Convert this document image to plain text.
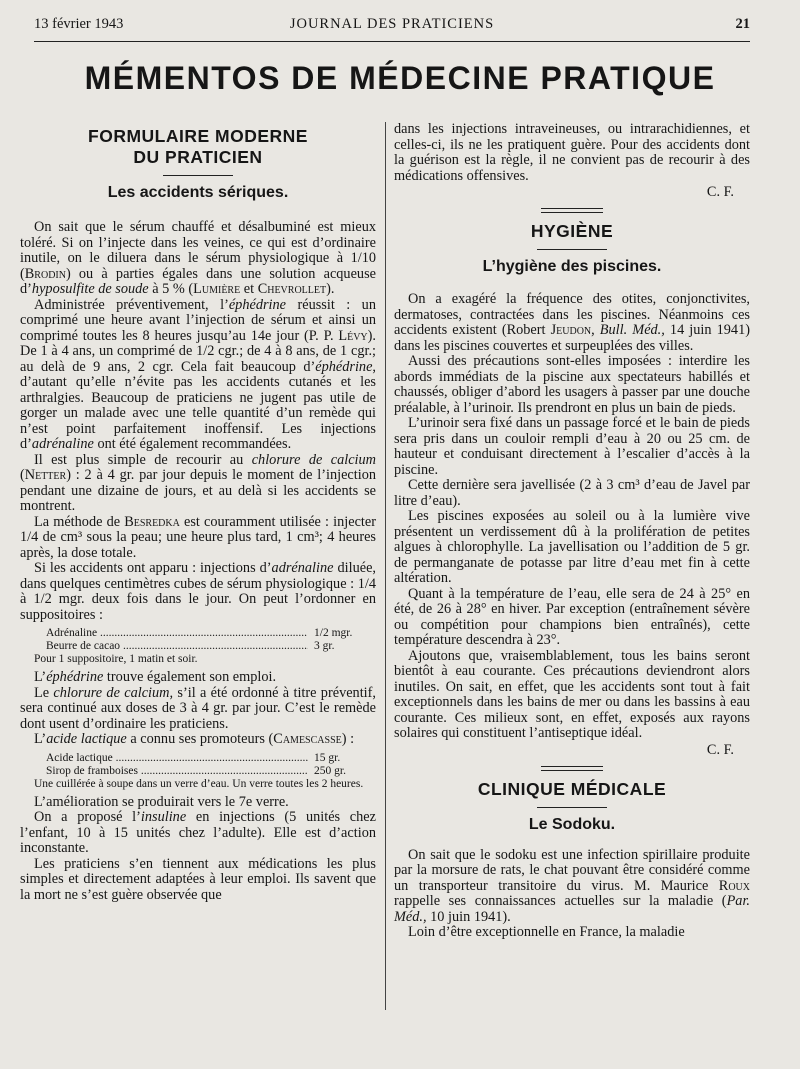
13 février 1943	JOURNAL DES PRATICIENS	21
MÉMENTOS DE MÉDECINE PRATIQUE
FORMULAIRE MODERNE
DU PRATICIEN
Les accidents sériques.

On sait que le sérum chauffé et désalbuminé est mieux toléré. Si on l’injecte dans les veines, ce qui est d’ordinaire inutile, on le diluera dans le sérum physiologique à 1/10 (Brodin) ou à parties égales dans une solution acqueuse d’hyposulfite de soude à 5 % (Lumière et Chevrollet).

Administrée préventivement, l’éphédrine réussit : un comprimé une heure avant l’injection de sérum et ainsi un comprimé toutes les 8 heures jusqu’au 14e jour (P. P. Lévy). De 1 à 4 ans, un comprimé de 1/2 cgr.; de 4 à 8 ans, de 1 cgr.; au delà de 9 ans, 2 cgr. Cela fait beaucoup d’éphédrine, d’autant qu’elle n’évite pas les accidents cutanés et les arthralgies. Beaucoup de praticiens ne jugent pas utile de gorger un malade avec une telle quantité d’un remède qui n’est point parfaitement inoffensif. Les injections d’adrénaline ont été également recommandées.

Il est plus simple de recourir au chlorure de calcium (Netter) : 2 à 4 gr. par jour depuis le moment de l’injection pendant une dizaine de jours, et au delà si les accidents se montrent.

La méthode de Besredka est couramment utilisée : injecter 1/4 de cm³ sous la peau; une heure plus tard, 1 cm³; 4 heures après, la dose totale.

Si les accidents ont apparu : injections d’adrénaline diluée, dans quelques centimètres cubes de sérum physiologique : 1/4 à 1/2 mgr. deux fois dans le jour. On peut l’ordonner en suppositoires :

Adrénaline .....	1/2 mgr.
Beurre de cacao .....	3 gr.
Pour 1 suppositoire, 1 matin et soir.

L’éphédrine trouve également son emploi.

Le chlorure de calcium, s’il a été ordonné à titre préventif, sera continué aux doses de 3 à 4 gr. par jour. C’est le remède dont usent d’ordinaire les praticiens.

L’acide lactique a connu ses promoteurs (Camescasse) :

Acide lactique .....	15 gr.
Sirop de framboises .....	250 gr.
Une cuillérée à soupe dans un verre d’eau. Un verre toutes les 2 heures.

L’amélioration se produirait vers le 7e verre.

On a proposé l’insuline en injections (5 unités chez l’enfant, 10 à 15 unités chez l’adulte). Elle est d’action inconstante.

Les praticiens s’en tiennent aux médications les plus simples et directement adaptées à leur emploi. Ils savent que la mort ne s’est guère observée que

dans les injections intraveineuses, ou intrarachidiennes, et celles-ci, ils ne les pratiquent guère. Pour des accidents dont la guérison est la règle, il ne convient pas de recourir à des médications offensives.

C. F.
HYGIÈNE
L’hygiène des piscines.

On a exagéré la fréquence des otites, conjonctivites, dermatoses, contractées dans les piscines. Néanmoins ces accidents existent (Robert Jeudon, Bull. Méd., 14 juin 1941) dans les piscines couvertes et surpeuplées des villes.

Aussi des précautions sont-elles imposées : interdire les abords immédiats de la piscine aux spectateurs habillés et chaussés, obliger d’abord les usagers à passer par une douche préalable, à l’urinoir. Ils prendront en plus un bain de pieds.

L’urinoir sera fixé dans un passage forcé et le bain de pieds sera pris dans un couloir rempli d’eau à 20 ou 25 cm. de hauteur et conduisant directement à l’escalier d’accès à la piscine.

Cette dernière sera javellisée (2 à 3 cm³ d’eau de Javel par litre d’eau).

Les piscines exposées au soleil ou à la lumière vive présentent un verdissement dû à la prolifération de petites algues à chlorophylle. La javellisation ou l’addition de 5 gr. de permanganate de potasse par litre d’eau met fin à cette altération.

Quant à la température de l’eau, elle sera de 24 à 25° en été, de 26 à 28° en hiver. Par exception (entraînement sévère ou compétition pour champions bien entraînés), cette température descendra à 23°.

Ajoutons que, vraisemblablement, tous les bains seront bientôt à eau courante. Ces précautions deviendront alors inutiles. On sait, en effet, que les accidents sont tout à fait exceptionnels dans les bains de mer ou dans les bassins à eau courante. Ces milieux sont, en effet, exposés aux rayons solaires qui constituent l’antiseptique idéal.

C. F.
CLINIQUE MÉDICALE
Le Sodoku.

On sait que le sodoku est une infection spirillaire produite par la morsure de rats, le chat pouvant être considéré comme un transporteur transitoire du virus. M. Maurice Roux rappelle ses connaissances actuelles sur la maladie (Par. Méd., 10 juin 1941).

Loin d’être exceptionnelle en France, la maladie
